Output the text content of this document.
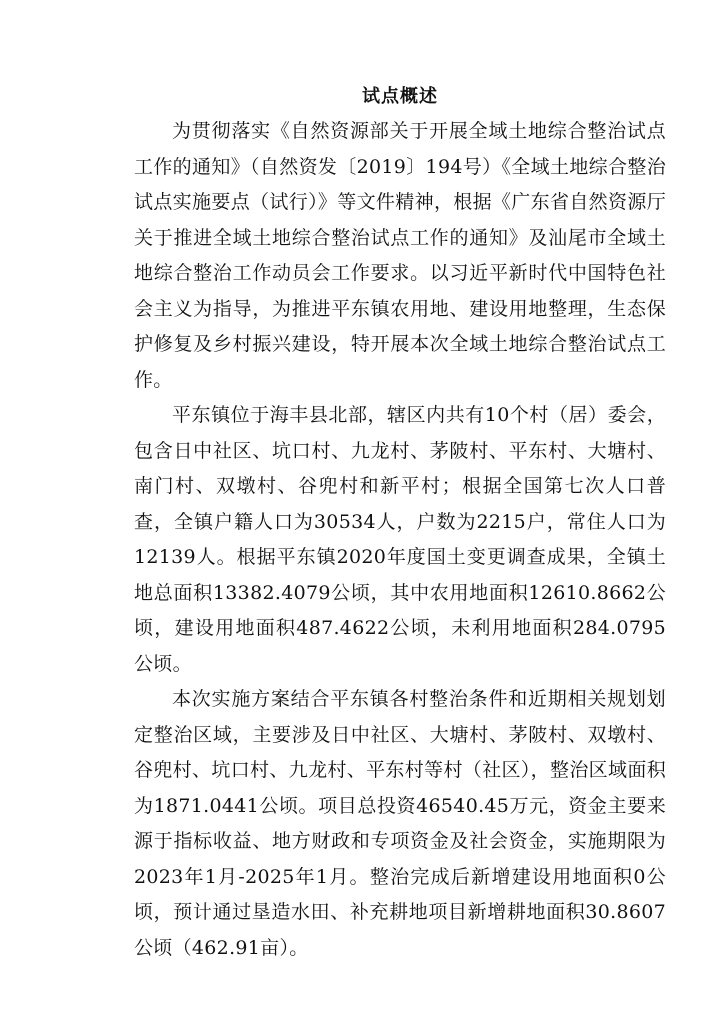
试点概述

为贯彻落实《自然资源部关于开展全域土地综合整治试点工作的通知》（自然资发〔2019〕194号）《全域土地综合整治试点实施要点（试行）》等文件精神，根据《广东省自然资源厅关于推进全域土地综合整治试点工作的通知》及汕尾市全域土地综合整治工作动员会工作要求。以习近平新时代中国特色社会主义为指导，为推进平东镇农用地、建设用地整理，生态保护修复及乡村振兴建设，特开展本次全域土地综合整治试点工作。

平东镇位于海丰县北部，辖区内共有10个村（居）委会，包含日中社区、坑口村、九龙村、茅陂村、平东村、大塘村、南门村、双墩村、谷兜村和新平村；根据全国第七次人口普查，全镇户籍人口为30534人，户数为2215户，常住人口为12139人。根据平东镇2020年度国土变更调查成果，全镇土地总面积13382.4079公顷，其中农用地面积12610.8662公顷，建设用地面积487.4622公顷，未利用地面积284.0795公顷。

本次实施方案结合平东镇各村整治条件和近期相关规划划定整治区域，主要涉及日中社区、大塘村、茅陂村、双墩村、谷兜村、坑口村、九龙村、平东村等村（社区），整治区域面积为1871.0441公顷。项目总投资46540.45万元，资金主要来源于指标收益、地方财政和专项资金及社会资金，实施期限为2023年1月-2025年1月。整治完成后新增建设用地面积0公顷，预计通过垦造水田、补充耕地项目新增耕地面积30.8607公顷（462.91亩）。
